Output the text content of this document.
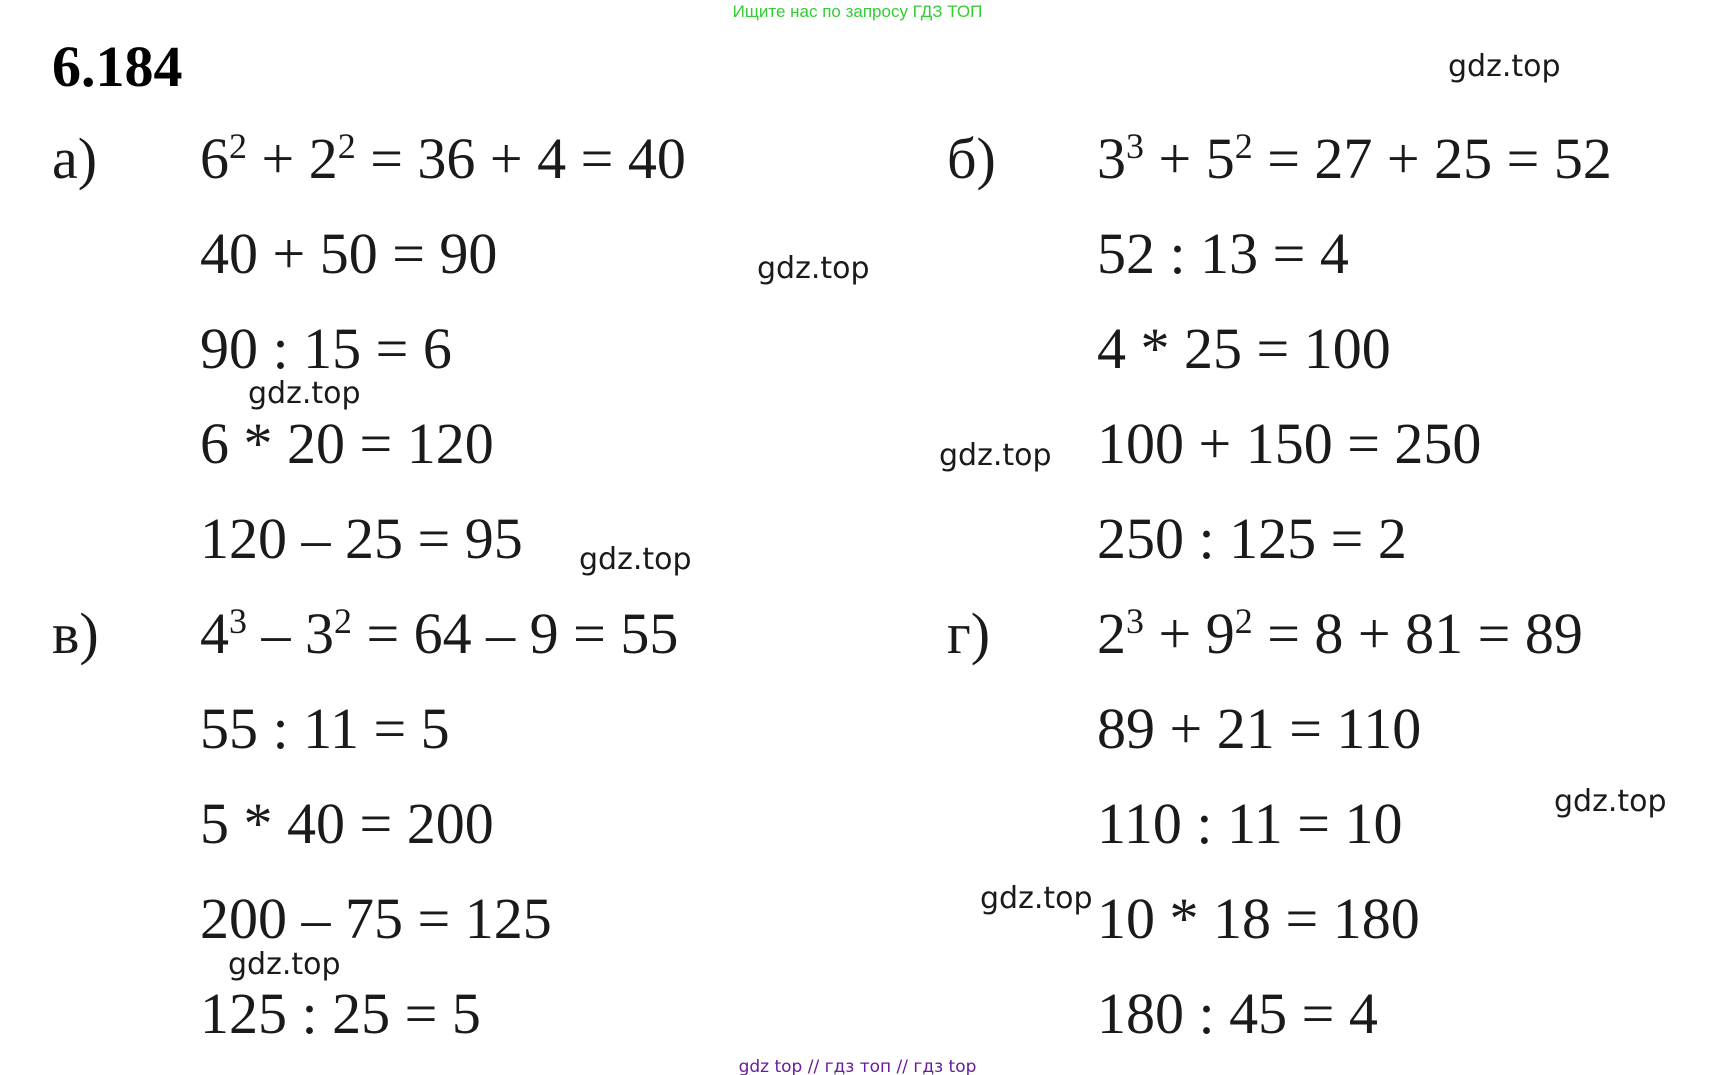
Ищите нас по запросу ГДЗ ТОП
6.184
а) $6^2 + 2^2 = 36 + 4 = 40$
40 + 50 = 90
90 : 15 = 6
6 * 20 = 120
120 – 25 = 95
б) $3^3 + 5^2 = 27 + 25 = 52$
52 : 13 = 4
4 * 25 = 100
100 + 150 = 250
250 : 125 = 2
в) $4^3 - 3^2 = 64 - 9 = 55$
55 : 11 = 5
5 * 40 = 200
200 – 75 = 125
125 : 25 = 5
г) $2^3 + 9^2 = 8 + 81 = 89$
89 + 21 = 110
110 : 11 = 10
10 * 18 = 180
180 : 45 = 4
gdz.top
gdz.top
gdz.top
gdz.top
gdz.top
gdz.top
gdz.top
gdz.top
gdz top // гдз топ // гдз top
